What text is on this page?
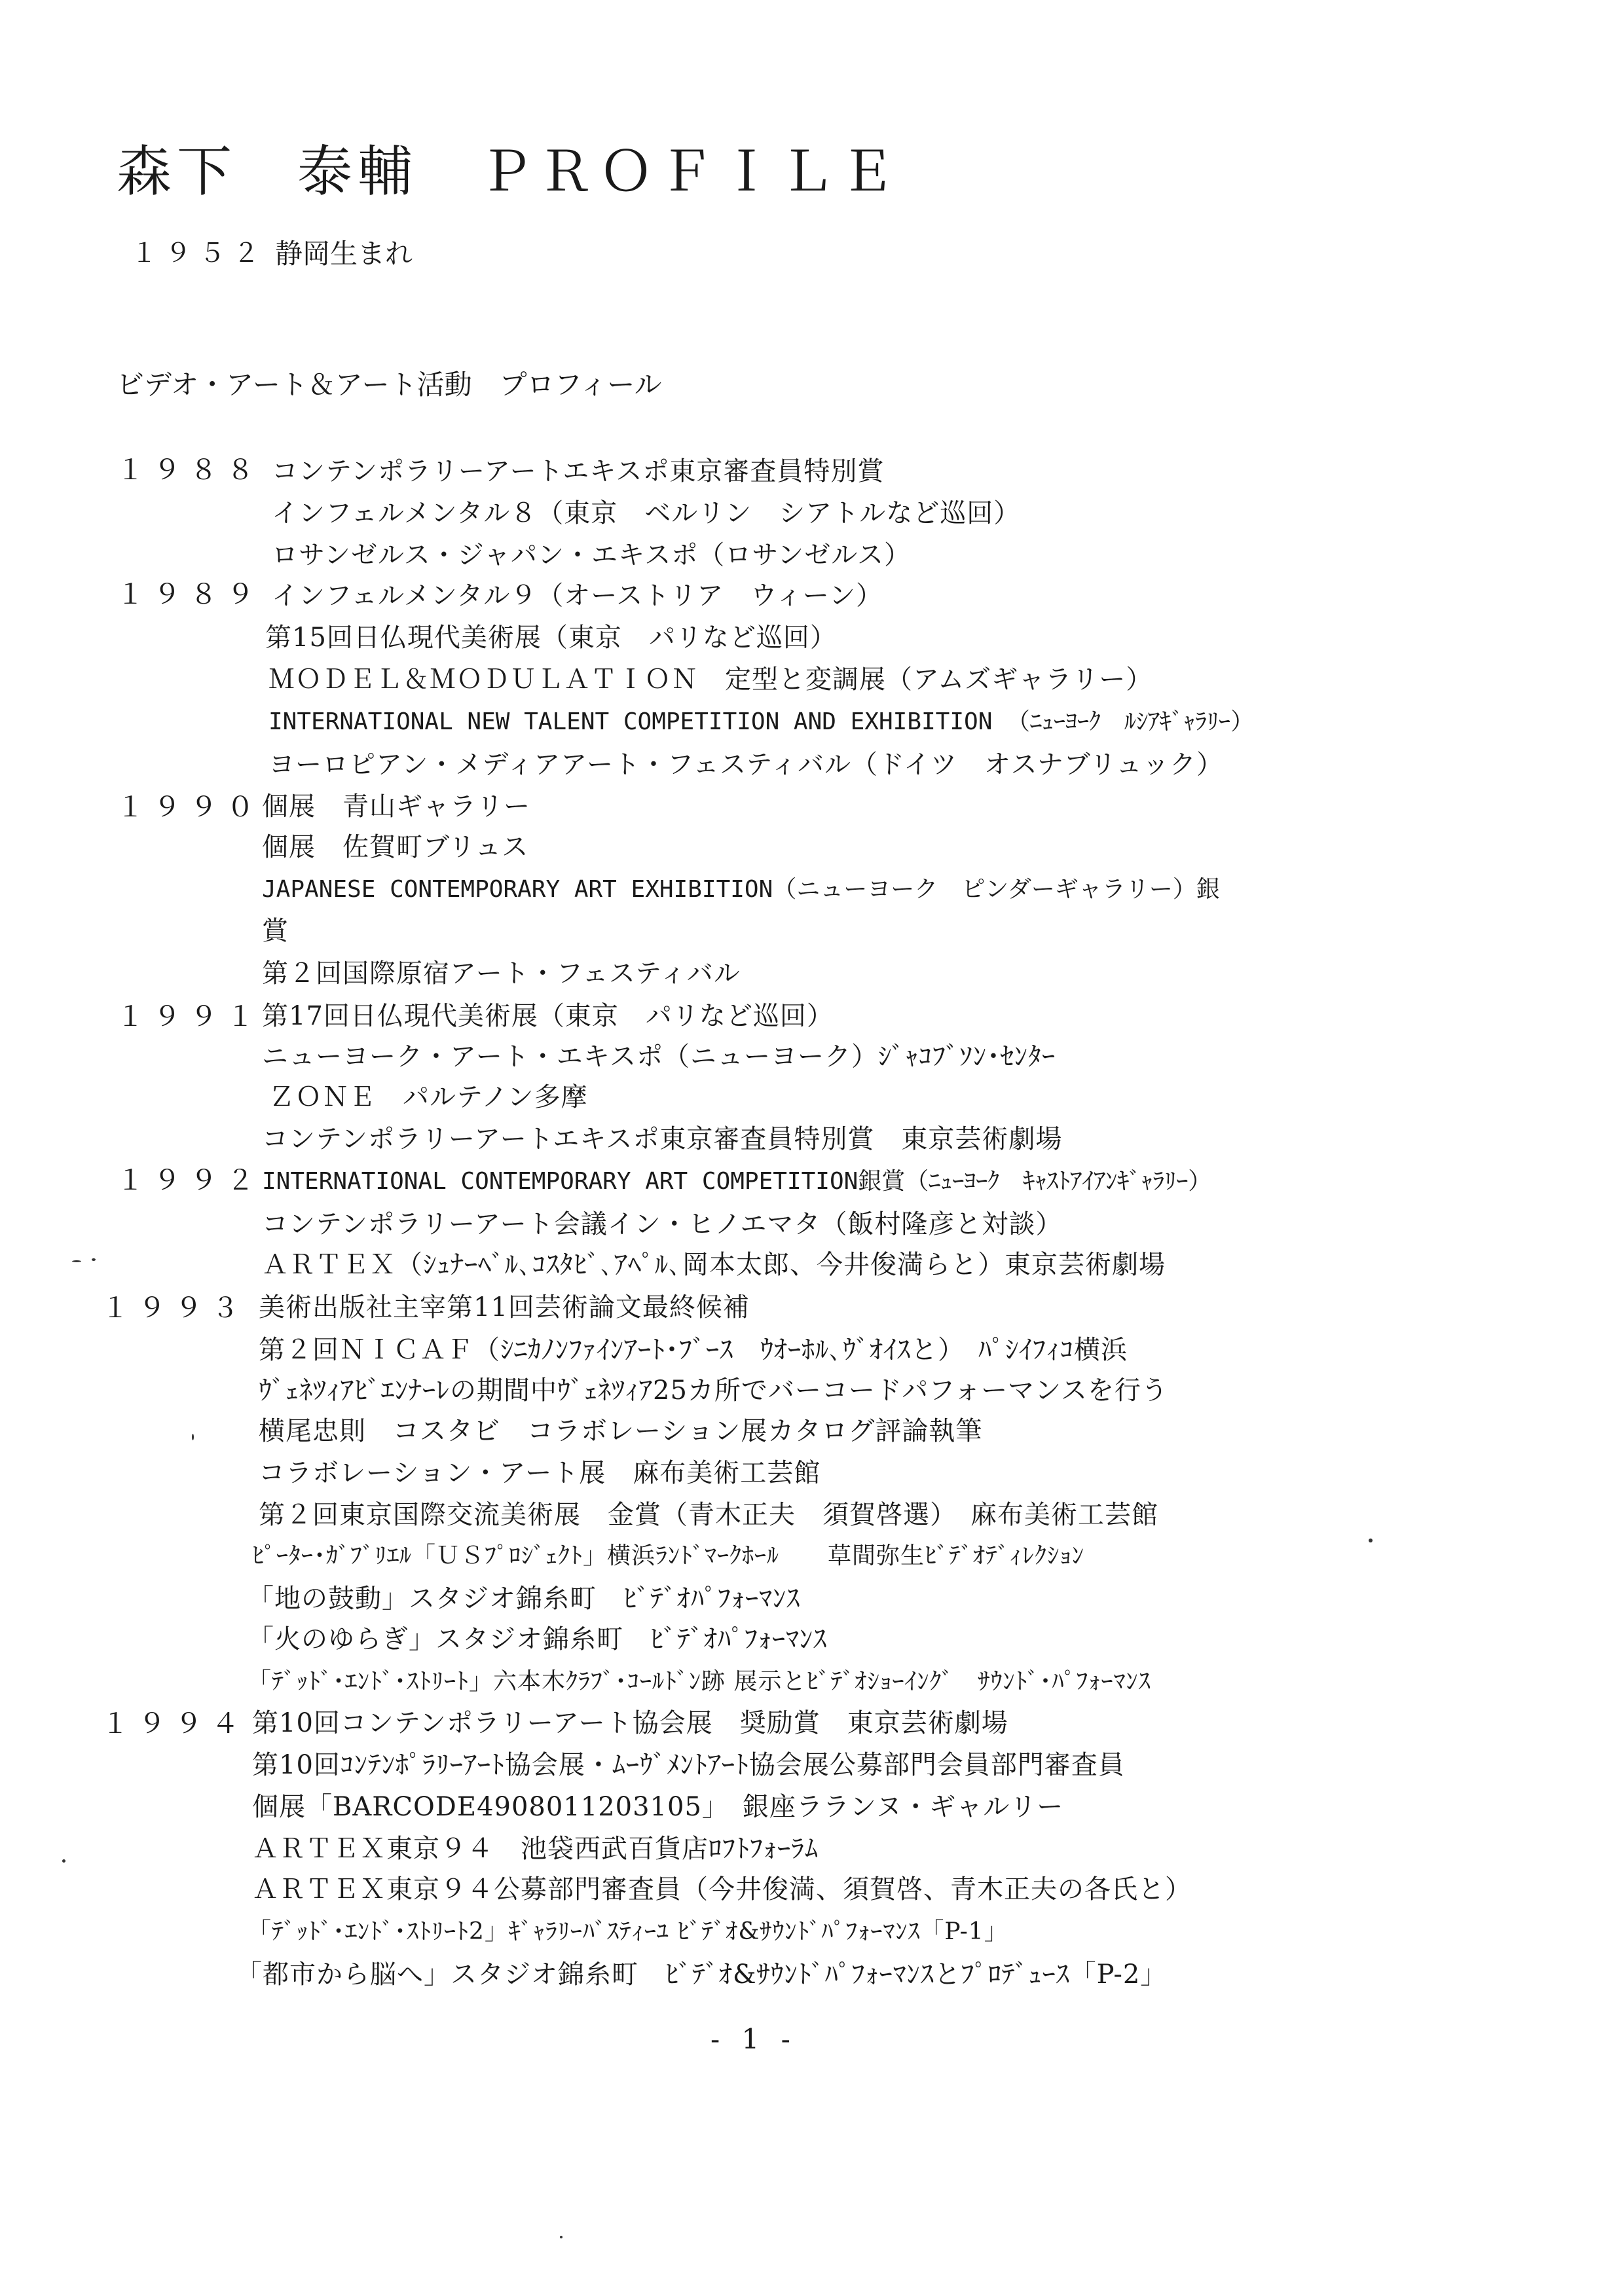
森下　泰輔　ＰＲＯＦＩＬＥ
１９５２ 静岡生まれ
ビデオ・アート＆アート活動　プロフィール
１９８８
１９８９
１９９０
１９９１
１９９２
１９９３
１９９４
コンテンポラリーアートエキスポ東京審査員特別賞
インフェルメンタル８（東京　ベルリン　シアトルなど巡回）
ロサンゼルス・ジャパン・エキスポ（ロサンゼルス）
インフェルメンタル９（オーストリア　ウィーン）
第15回日仏現代美術展（東京　パリなど巡回）
ＭＯＤＥＬ＆ＭＯＤＵＬＡＴＩＯＮ　定型と変調展（アムズギャラリー）
INTERNATIONAL NEW TALENT COMPETITION AND EXHIBITION （ﾆｭｰﾖｰｸ　ﾙｼｱｷﾞｬﾗﾘｰ）
ヨーロピアン・メディアアート・フェスティバル（ドイツ　オスナブリュック）
個展　青山ギャラリー
個展　佐賀町ブリュス
JAPANESE CONTEMPORARY ART EXHIBITION（ニューヨーク　ピンダーギャラリー）銀
賞
第２回国際原宿アート・フェスティバル
第17回日仏現代美術展（東京　パリなど巡回）
ニューヨーク・アート・エキスポ（ニューヨーク）ｼﾞｬｺﾌﾞｿﾝ･ｾﾝﾀｰ
ＺＯＮＥ　パルテノン多摩
コンテンポラリーアートエキスポ東京審査員特別賞　東京芸術劇場
INTERNATIONAL CONTEMPORARY ART COMPETITION銀賞（ﾆｭｰﾖｰｸ　ｷｬｽﾄｱｲｱﾝｷﾞｬﾗﾘｰ）
コンテンポラリーアート会議イン・ヒノエマタ（飯村隆彦と対談）
ＡＲＴＥＸ（ｼｭﾅｰﾍﾞﾙ､ｺｽﾀﾋﾞ､ｱﾍﾟﾙ､岡本太郎、今井俊満らと）東京芸術劇場
美術出版社主宰第11回芸術論文最終候補
第２回ＮＩＣＡＦ（ｼﾆｶﾉﾝﾌｧｲﾝｱｰﾄ･ﾌﾞｰｽ　ｳｵｰﾎﾙ､ｳﾞｵｲｽと）　ﾊﾟｼｲﾌｨｺ横浜
ｳﾞｪﾈﾂｨｱﾋﾞｴﾝﾅｰﾚの期間中ｳﾞｪﾈﾂｨｱ25カ所でバーコードパフォーマンスを行う
横尾忠則　コスタビ　コラボレーション展カタログ評論執筆
コラボレーション・アート展　麻布美術工芸館
第２回東京国際交流美術展　金賞（青木正夫　須賀啓選）　麻布美術工芸館
ﾋﾟｰﾀｰ･ｶﾞﾌﾞﾘｴﾙ「ＵＳﾌﾟﾛｼﾞｪｸﾄ」横浜ﾗﾝﾄﾞﾏｰｸﾎｰﾙ　　草間弥生ﾋﾞﾃﾞｵﾃﾞｨﾚｸｼｮﾝ
「地の鼓動」スタジオ錦糸町　ﾋﾞﾃﾞｵﾊﾟﾌｫｰﾏﾝｽ
「火のゆらぎ」スタジオ錦糸町　ﾋﾞﾃﾞｵﾊﾟﾌｫｰﾏﾝｽ
「ﾃﾞｯﾄﾞ･ｴﾝﾄﾞ･ｽﾄﾘｰﾄ」六本木ｸﾗﾌﾞ･ｺｰﾙﾄﾞﾝ跡 展示とﾋﾞﾃﾞｵｼｮｰｲﾝｸﾞ　ｻｳﾝﾄﾞ･ﾊﾟﾌｫｰﾏﾝｽ
第10回コンテンポラリーアート協会展　奨励賞　東京芸術劇場
第10回ｺﾝﾃﾝﾎﾟﾗﾘｰｱｰﾄ協会展・ﾑｰｳﾞﾒﾝﾄｱｰﾄ協会展公募部門会員部門審査員
個展「BARCODE4908011203105」　銀座ラランヌ・ギャルリー
ＡＲＴＥＸ東京９４　池袋西武百貨店ﾛﾌﾄﾌｫｰﾗﾑ
ＡＲＴＥＸ東京９４公募部門審査員（今井俊満、須賀啓、青木正夫の各氏と）
「ﾃﾞｯﾄﾞ･ｴﾝﾄﾞ･ｽﾄﾘｰﾄ2」ｷﾞｬﾗﾘｰﾊﾞｽﾃｨｰﾕ ﾋﾞﾃﾞｵ&ｻｳﾝﾄﾞﾊﾟﾌｫｰﾏﾝｽ「P-1」
「都市から脳へ」スタジオ錦糸町　ﾋﾞﾃﾞｵ&ｻｳﾝﾄﾞﾊﾟﾌｫｰﾏﾝｽとﾌﾟﾛﾃﾞｭｰｽ「P-2」
- 1 -
